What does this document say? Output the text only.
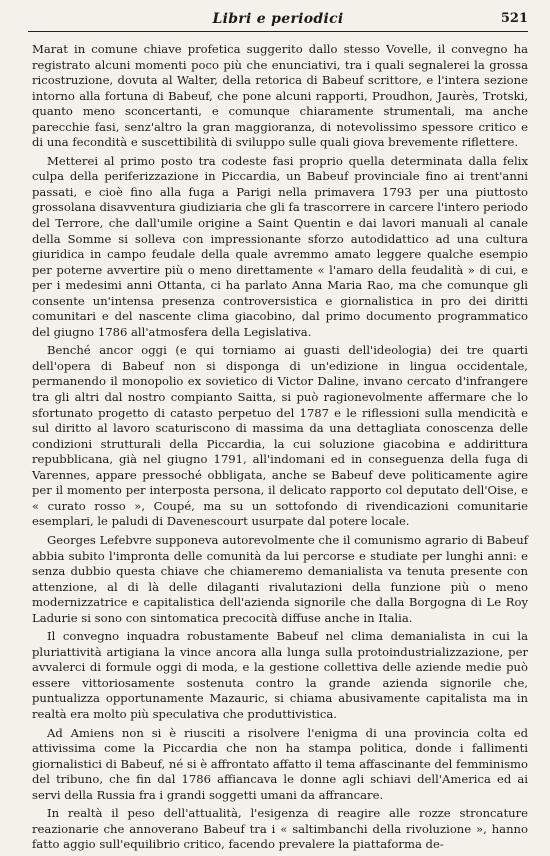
Libri e periodici	521

Marat in comune chiave profetica suggerito dallo stesso Vovelle, il convegno ha registrato alcuni momenti poco più che enunciativi, tra i quali segnalerei la grossa ricostruzione, dovuta al Walter, della retorica di Babeuf scrittore, e l'intera sezione intorno alla fortuna di Babeuf, che pone alcuni rapporti, Proudhon, Jaurès, Trotski, quanto meno sconcertanti, e comunque chiaramente strumentali, ma anche parecchie fasi, senz'altro la gran maggioranza, di notevolissimo spessore critico e di una fecondità e suscettibilità di sviluppo sulle quali giova brevemente riflettere.

Metterei al primo posto tra codeste fasi proprio quella determinata dalla felix culpa della periferizzazione in Piccardia, un Babeuf provinciale fino ai trent'anni passati, e cioè fino alla fuga a Parigi nella primavera 1793 per una piuttosto grossolana disavventura giudiziaria che gli fa trascorrere in carcere l'intero periodo del Terrore, che dall'umile origine a Saint Quentin e dai lavori manuali al canale della Somme si solleva con impressionante sforzo autodidattico ad una cultura giuridica in campo feudale della quale avremmo amato leggere qualche esempio per poterne avvertire più o meno direttamente « l'amaro della feudalità » di cui, e per i medesimi anni Ottanta, ci ha parlato Anna Maria Rao, ma che comunque gli consente un'intensa presenza controversistica e giornalistica in pro dei diritti comunitari e del nascente clima giacobino, dal primo documento programmatico del giugno 1786 all'atmosfera della Legislativa.

Benché ancor oggi (e qui torniamo ai guasti dell'ideologia) dei tre quarti dell'opera di Babeuf non si disponga di un'edizione in lingua occidentale, permanendo il monopolio ex sovietico di Victor Daline, invano cercato d'infrangere tra gli altri dal nostro compianto Saitta, si può ragionevolmente affermare che lo sfortunato progetto di catasto perpetuo del 1787 e le riflessioni sulla mendicità e sul diritto al lavoro scaturiscono di massima da una dettagliata conoscenza delle condizioni strutturali della Piccardia, la cui soluzione giacobina e addirittura repubblicana, già nel giugno 1791, all'indomani ed in conseguenza della fuga di Varennes, appare pressoché obbligata, anche se Babeuf deve politicamente agire per il momento per interposta persona, il delicato rapporto col deputato dell'Oise, e « curato rosso », Coupé, ma su un sottofondo di rivendicazioni comunitarie esemplari, le paludi di Davenescourt usurpate dal potere locale.

Georges Lefebvre supponeva autorevolmente che il comunismo agrario di Babeuf abbia subito l'impronta delle comunità da lui percorse e studiate per lunghi anni: e senza dubbio questa chiave che chiameremo demanialista va tenuta presente con attenzione, al di là delle dilaganti rivalutazioni della funzione più o meno modernizzatrice e capitalistica dell'azienda signorile che dalla Borgogna di Le Roy Ladurie si sono con sintomatica precocità diffuse anche in Italia.

Il convegno inquadra robustamente Babeuf nel clima demanialista in cui la pluriattività artigiana la vince ancora alla lunga sulla protoindustrializzazione, per avvalerci di formule oggi di moda, e la gestione collettiva delle aziende medie può essere vittoriosamente sostenuta contro la grande azienda signorile che, puntualizza opportunamente Mazauric, si chiama abusivamente capitalista ma in realtà era molto più speculativa che produttivistica.

Ad Amiens non si è riusciti a risolvere l'enigma di una provincia colta ed attivissima come la Piccardia che non ha stampa politica, donde i fallimenti giornalistici di Babeuf, né si è affrontato affatto il tema affascinante del femminismo del tribuno, che fin dal 1786 affiancava le donne agli schiavi dell'America ed ai servi della Russia fra i grandi soggetti umani da affrancare.

In realtà il peso dell'attualità, l'esigenza di reagire alle rozze stroncature reazionarie che annoverano Babeuf tra i « saltimbanchi della rivoluzione », hanno fatto aggio sull'equilibrio critico, facendo prevalere la piattaforma de-
